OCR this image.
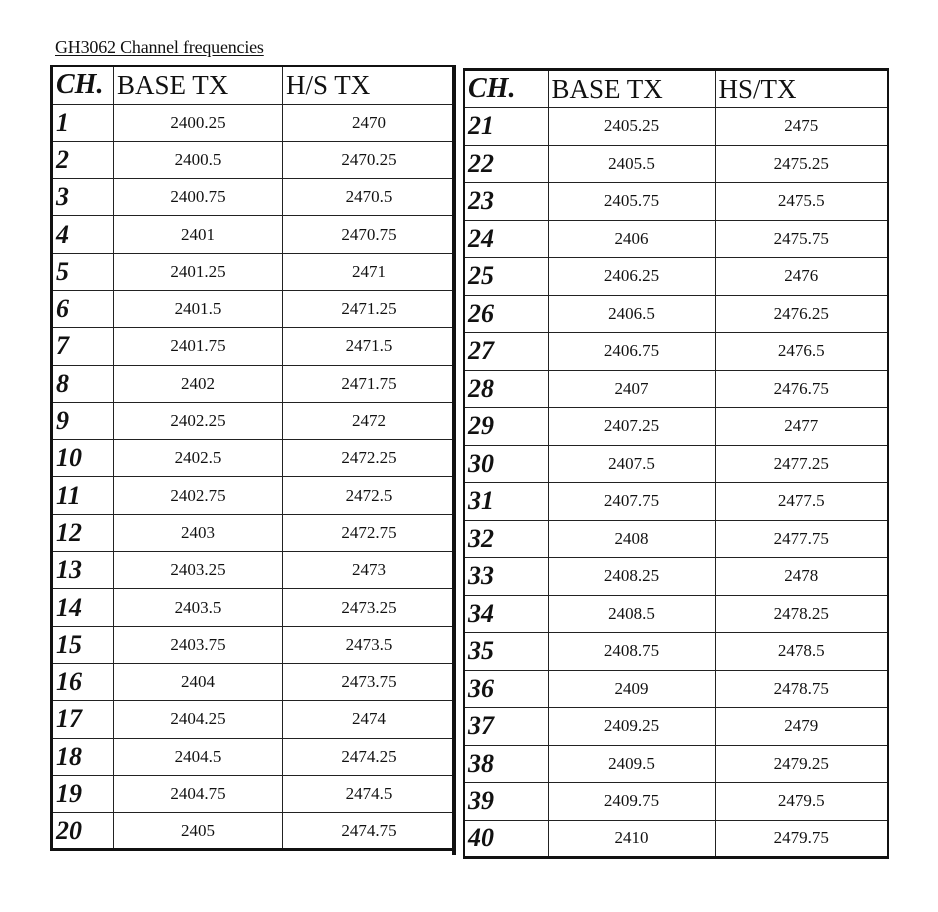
GH3062 Channel frequencies
CH.	BASE TX	H/S TX
1	2400.25	2470
2	2400.5	2470.25
3	2400.75	2470.5
4	2401	2470.75
5	2401.25	2471
6	2401.5	2471.25
7	2401.75	2471.5
8	2402	2471.75
9	2402.25	2472
10	2402.5	2472.25
11	2402.75	2472.5
12	2403	2472.75
13	2403.25	2473
14	2403.5	2473.25
15	2403.75	2473.5
16	2404	2473.75
17	2404.25	2474
18	2404.5	2474.25
19	2404.75	2474.5
20	2405	2474.75
CH.	BASE TX	HS/TX
21	2405.25	2475
22	2405.5	2475.25
23	2405.75	2475.5
24	2406	2475.75
25	2406.25	2476
26	2406.5	2476.25
27	2406.75	2476.5
28	2407	2476.75
29	2407.25	2477
30	2407.5	2477.25
31	2407.75	2477.5
32	2408	2477.75
33	2408.25	2478
34	2408.5	2478.25
35	2408.75	2478.5
36	2409	2478.75
37	2409.25	2479
38	2409.5	2479.25
39	2409.75	2479.5
40	2410	2479.75
